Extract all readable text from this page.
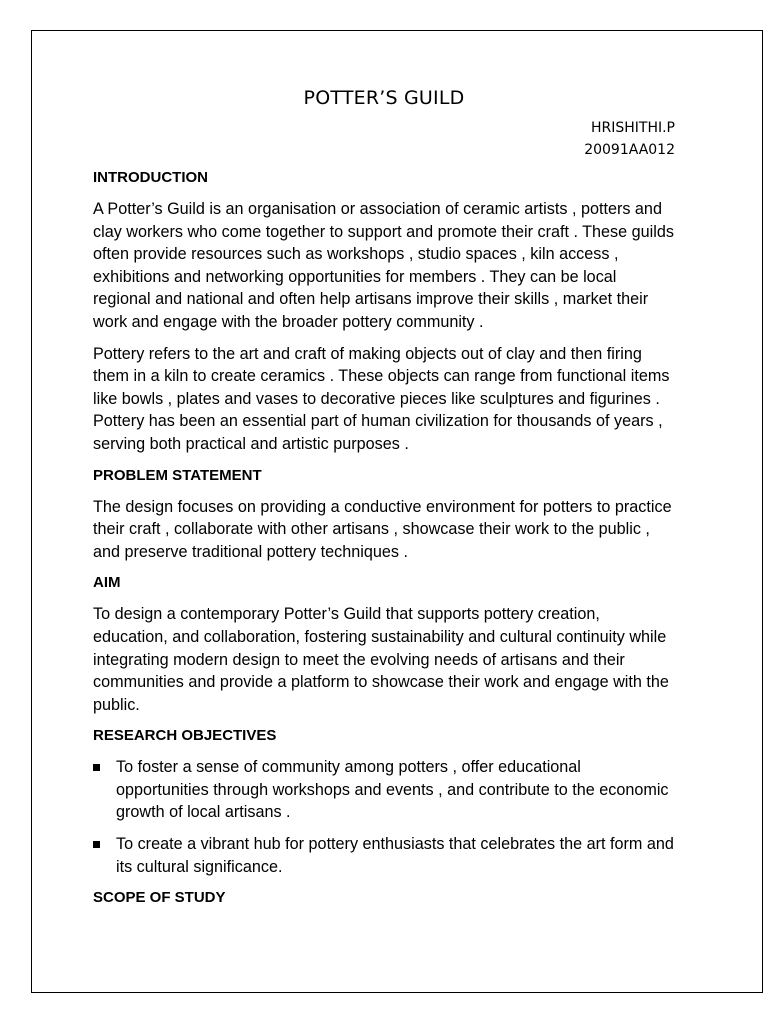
POTTER’S GUILD

HRISHITHI.P

20091AA012

INTRODUCTION

A Potter’s Guild is an organisation or association of ceramic artists , potters and clay workers who come together to support and promote their craft . These guilds often provide resources such as workshops , studio spaces , kiln access , exhibitions and networking opportunities for members . They can be local regional and national and often help artisans improve their skills , market their work and engage with the broader pottery community .

Pottery refers to the art and craft of making objects out of clay and then firing them in a kiln to create ceramics . These objects can range from functional items like bowls , plates and vases to decorative pieces like sculptures and figurines . Pottery has been an essential part of human civilization for thousands of years , serving both practical and artistic purposes .

PROBLEM STATEMENT

The design focuses on providing a conductive environment for potters to practice their craft , collaborate with other artisans , showcase their work to the public , and preserve traditional pottery techniques .

AIM

To design a contemporary Potter’s Guild that supports pottery creation, education, and collaboration, fostering sustainability and cultural continuity while integrating modern design to meet the evolving needs of artisans and their communities and provide a platform to showcase their work and engage with the public.

RESEARCH OBJECTIVES
To foster a sense of community among potters , offer educational opportunities through workshops and events , and contribute to the economic growth of local artisans .
To create a vibrant hub for pottery enthusiasts that celebrates the art form and its cultural significance.
SCOPE OF STUDY
